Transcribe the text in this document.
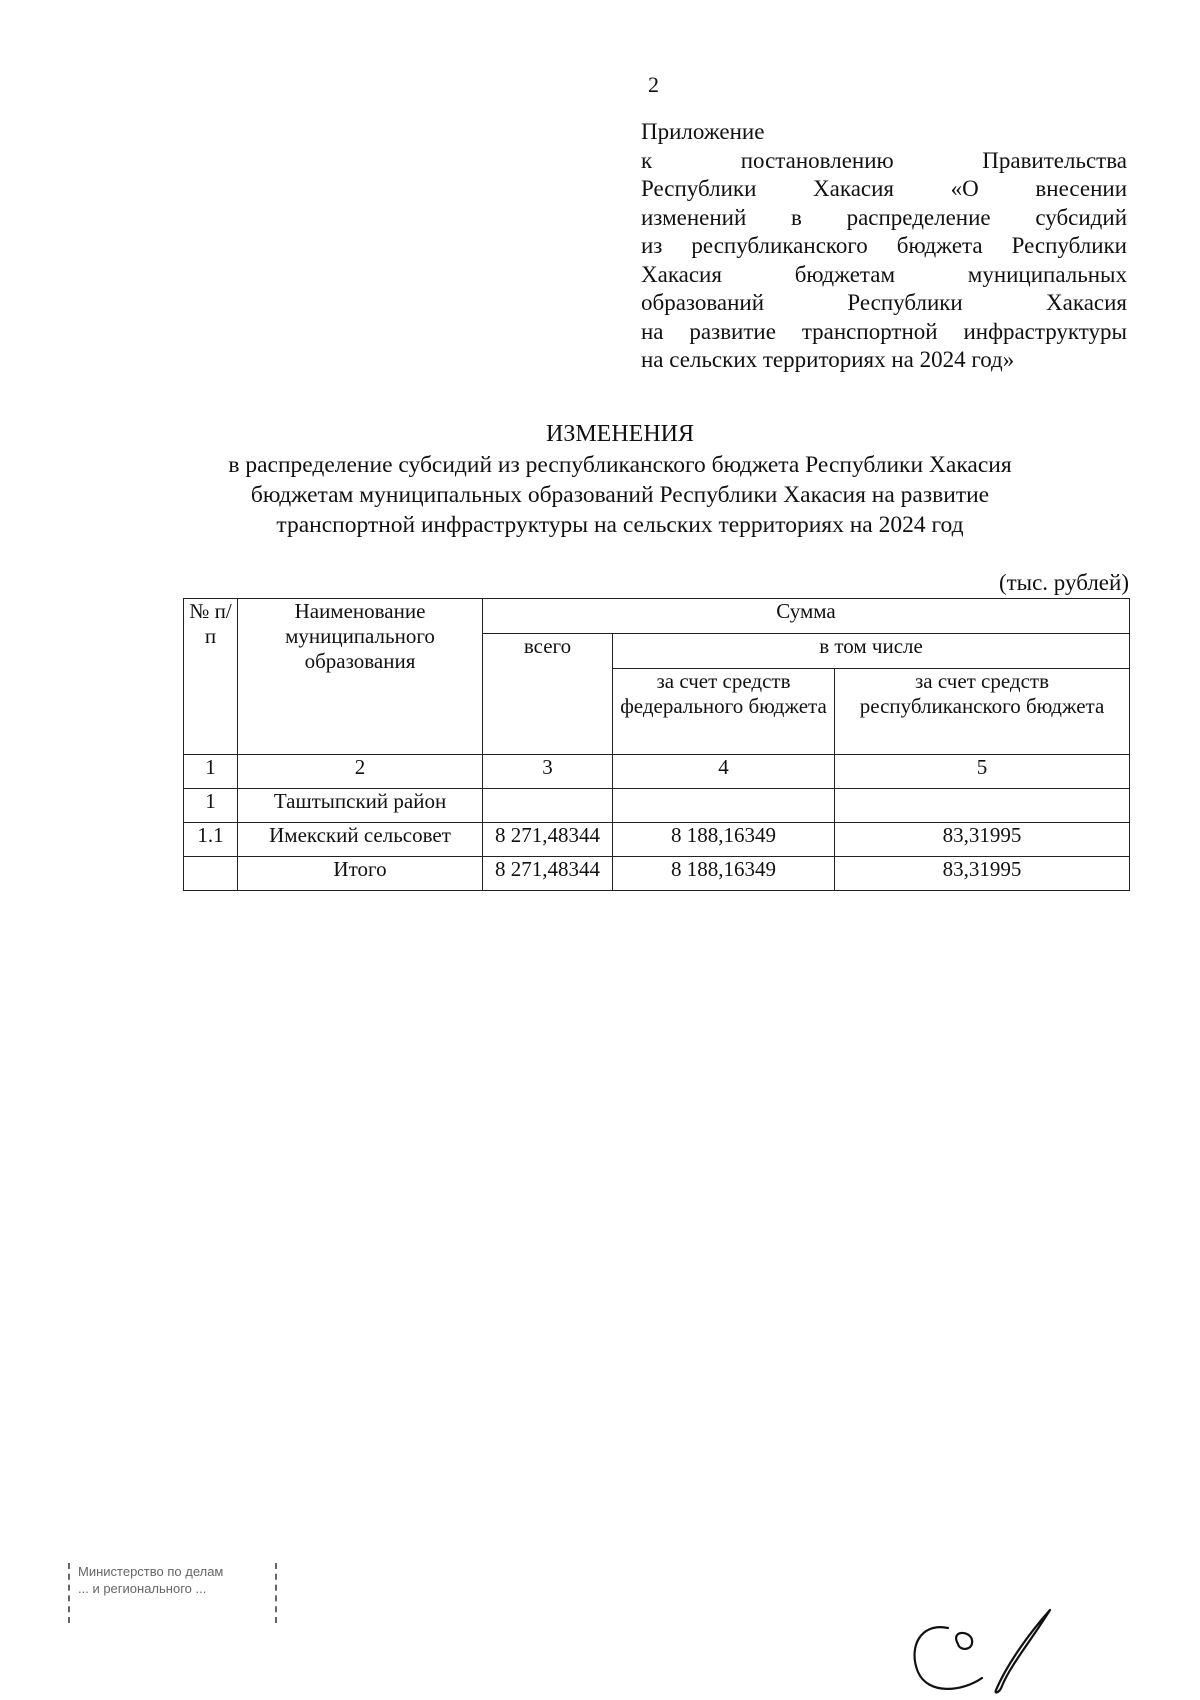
2
Приложение
к постановлению Правительства
Республики Хакасия «О внесении
изменений в распределение субсидий
из республиканского бюджета Республики
Хакасия бюджетам муниципальных
образований Республики Хакасия
на развитие транспортной инфраструктуры
на сельских территориях на 2024 год»
ИЗМЕНЕНИЯ
в распределение субсидий из республиканского бюджета Республики Хакасия
бюджетам муниципальных образований Республики Хакасия на развитие
транспортной инфраструктуры на сельских территориях на 2024 год
(тыс. рублей)
№ п/п	Наименование муниципального образования	Сумма		
		всего	в том числе	
			за счет средств федерального бюджета	за счет средств республиканского бюджета
1	2	3	4	5
1	Таштыпский район			
1.1	Имекский сельсовет	8 271,48344	8 188,16349	83,31995
	Итого	8 271,48344	8 188,16349	83,31995
Министерство по делам
... и регионального ...
